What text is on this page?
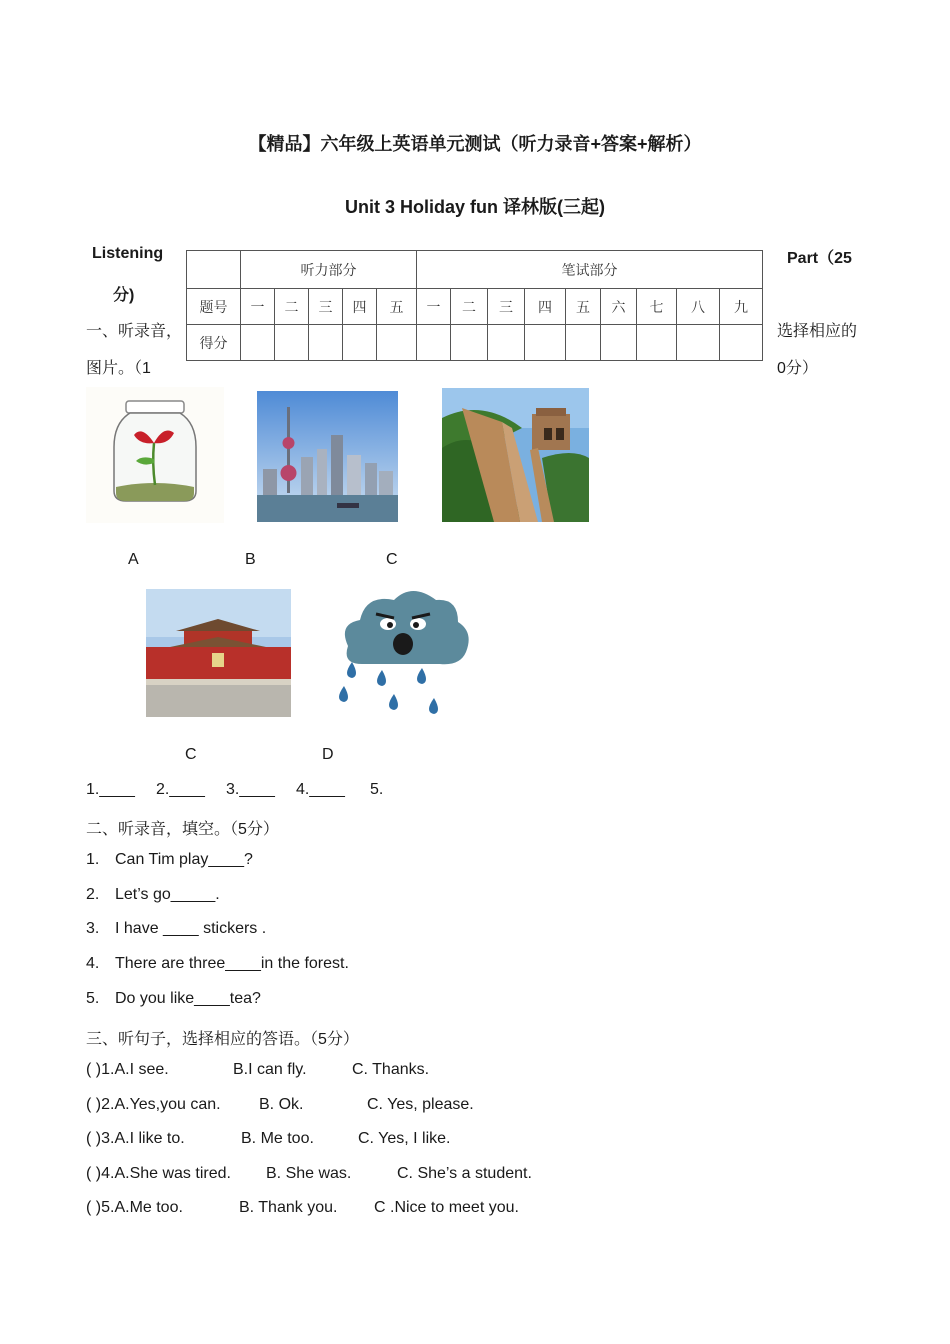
【精品】六年级上英语单元测试（听力录音+答案+解析）
Unit 3 Holiday fun 译林版(三起)
Listening
分)
Part（25
一、听录音，
图片。（1
选择相应的
0分）
	听力部分					笔试部分								
题号	一	二	三	四	五	一	二	三	四	五	六	七	八	九
得分														
A	B	C
C	D
1.____ 2.____ 3.____ 4.____ 5.
二、听录音，填空。（5分）
1. Can Tim play____?
2. Let’s go_____.
3. I have ____ stickers .
4. There are three____in the forest.
5. Do you like____tea?
三、听句子，选择相应的答语。（5分）
( )1.A.I see.	B.I can fly.	C. Thanks.
( )2.A.Yes,you can. B. Ok.	C. Yes, please.
( )3.A.I like to.	B. Me too.	C. Yes, I like.
( )4.A.She was tired. B. She was.	C. She’s a student.
( )5.A.Me too.	B. Thank you. C .Nice to meet you.
